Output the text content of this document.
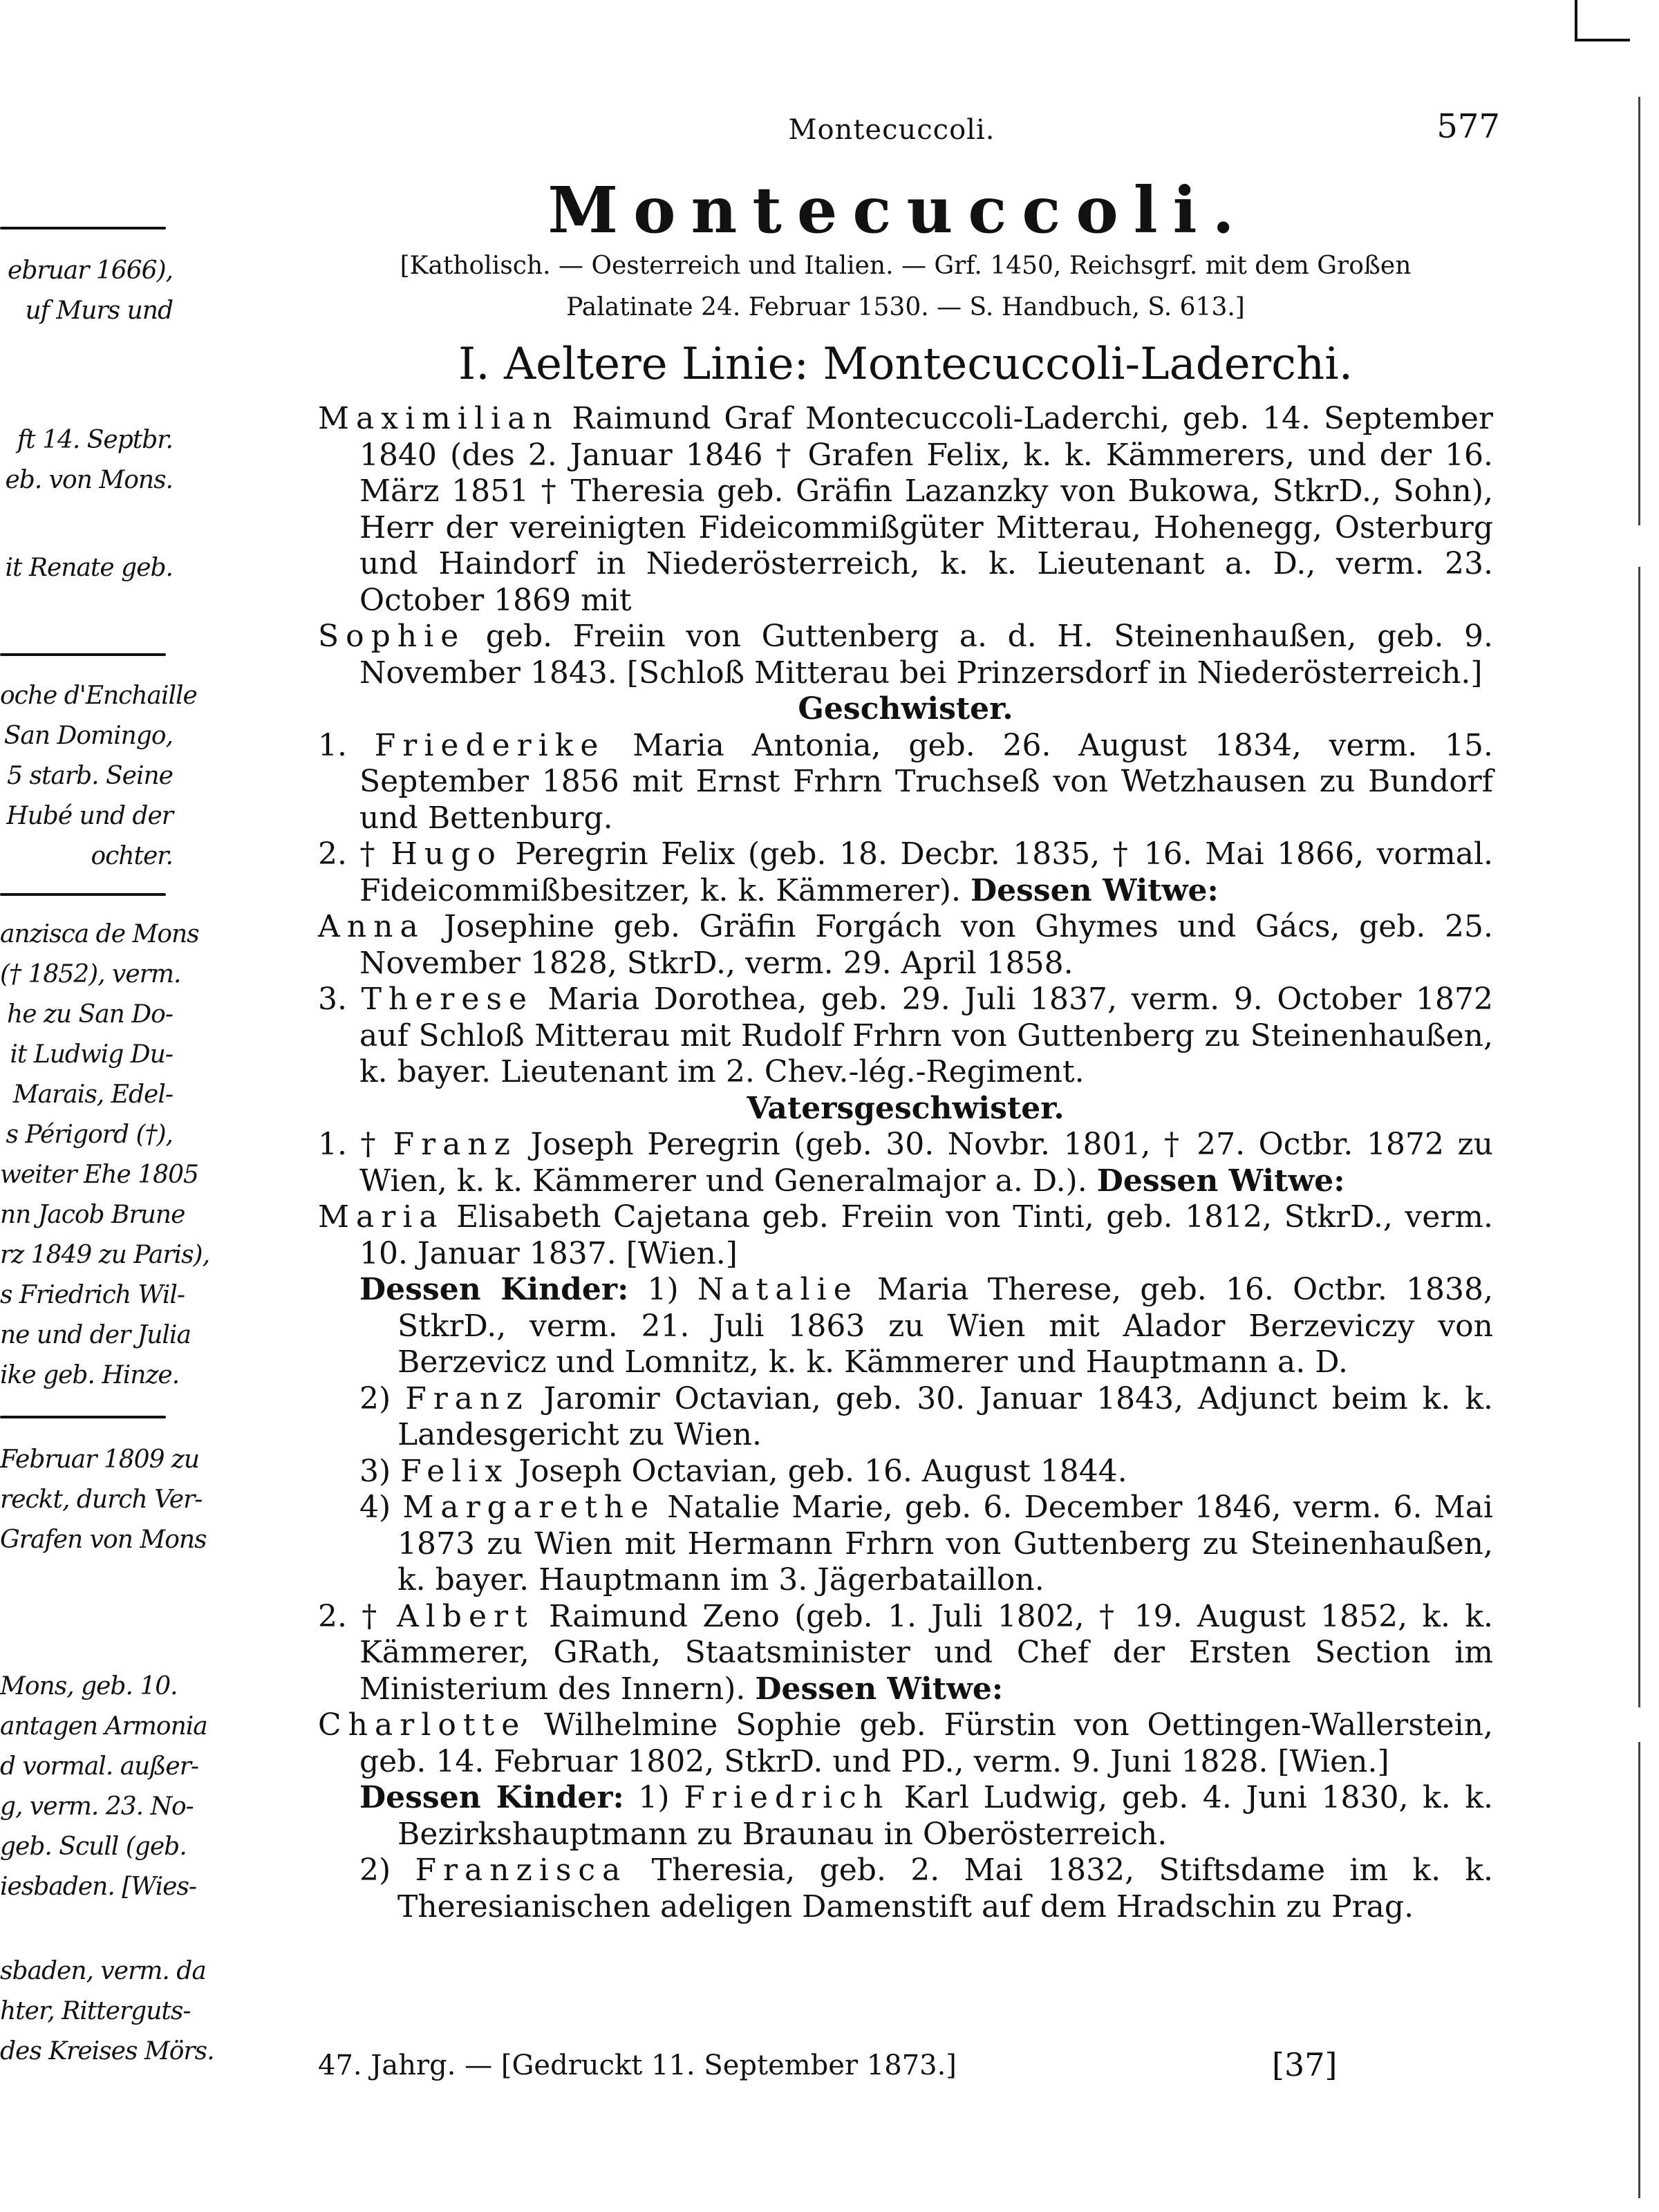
ebruar 1666),
uf Murs und
ft 14. Septbr.
eb. von Mons.
it Renate geb.
oche d'Enchaille
San Domingo,
5 starb. Seine
Hubé und der
ochter.
anzisca de Mons
(† 1852), verm.
he zu San Do-
it Ludwig Du-
Marais, Edel-
s Périgord (†),
weiter Ehe 1805
nn Jacob Brune
rz 1849 zu Paris),
s Friedrich Wil-
ne und der Julia
ike geb. Hinze.
Februar 1809 zu
reckt, durch Ver-
Grafen von Mons
Mons, geb. 10.
antagen Armonia
d vormal. außer-
g, verm. 23. No-
geb. Scull (geb.
iesbaden. [Wies-
sbaden, verm. da
hter, Ritterguts-
des Kreises Mörs.
Montecuccoli.	577
Montecuccoli.
[Katholisch. — Oesterreich und Italien. — Grf. 1450, Reichsgrf. mit dem Großen
Palatinate 24. Februar 1530. — S. Handbuch, S. 613.]
I. Aeltere Linie: Montecuccoli-Laderchi.

Maximilian Raimund Graf Montecuccoli-Laderchi, geb. 14. September 1840 (des 2. Januar 1846 † Grafen Felix, k. k. Kämmerers, und der 16. März 1851 † Theresia geb. Gräfin Lazanzky von Bukowa, StkrD., Sohn), Herr der vereinigten Fideicommißgüter Mitterau, Hohenegg, Osterburg und Haindorf in Niederösterreich, k. k. Lieutenant a. D., verm. 23. October 1869 mit

Sophie geb. Freiin von Guttenberg a. d. H. Steinenhaußen, geb. 9. November 1843. [Schloß Mitterau bei Prinzersdorf in Niederösterreich.]

Geschwister.

1. Friederike Maria Antonia, geb. 26. August 1834, verm. 15. September 1856 mit Ernst Frhrn Truchseß von Wetzhausen zu Bundorf und Bettenburg.

2. † Hugo Peregrin Felix (geb. 18. Decbr. 1835, † 16. Mai 1866, vormal. Fideicommißbesitzer, k. k. Kämmerer). Dessen Witwe:

Anna Josephine geb. Gräfin Forgách von Ghymes und Gács, geb. 25. November 1828, StkrD., verm. 29. April 1858.

3. Therese Maria Dorothea, geb. 29. Juli 1837, verm. 9. October 1872 auf Schloß Mitterau mit Rudolf Frhrn von Guttenberg zu Steinenhaußen, k. bayer. Lieutenant im 2. Chev.-lég.-Regiment.

Vatersgeschwister.

1. † Franz Joseph Peregrin (geb. 30. Novbr. 1801, † 27. Octbr. 1872 zu Wien, k. k. Kämmerer und Generalmajor a. D.). Dessen Witwe:

Maria Elisabeth Cajetana geb. Freiin von Tinti, geb. 1812, StkrD., verm. 10. Januar 1837. [Wien.]

Dessen Kinder: 1) Natalie Maria Therese, geb. 16. Octbr. 1838, StkrD., verm. 21. Juli 1863 zu Wien mit Alador Berzeviczy von Berzevicz und Lomnitz, k. k. Kämmerer und Hauptmann a. D.

2) Franz Jaromir Octavian, geb. 30. Januar 1843, Adjunct beim k. k. Landesgericht zu Wien.

3) Felix Joseph Octavian, geb. 16. August 1844.

4) Margarethe Natalie Marie, geb. 6. December 1846, verm. 6. Mai 1873 zu Wien mit Hermann Frhrn von Guttenberg zu Steinenhaußen, k. bayer. Hauptmann im 3. Jägerbataillon.

2. † Albert Raimund Zeno (geb. 1. Juli 1802, † 19. August 1852, k. k. Kämmerer, GRath, Staatsminister und Chef der Ersten Section im Ministerium des Innern). Dessen Witwe:

Charlotte Wilhelmine Sophie geb. Fürstin von Oettingen-Wallerstein, geb. 14. Februar 1802, StkrD. und PD., verm. 9. Juni 1828. [Wien.]

Dessen Kinder: 1) Friedrich Karl Ludwig, geb. 4. Juni 1830, k. k. Bezirkshauptmann zu Braunau in Oberösterreich.

2) Franzisca Theresia, geb. 2. Mai 1832, Stiftsdame im k. k. Theresianischen adeligen Damenstift auf dem Hradschin zu Prag.

47. Jahrg. — [Gedruckt 11. September 1873.]	[37]
